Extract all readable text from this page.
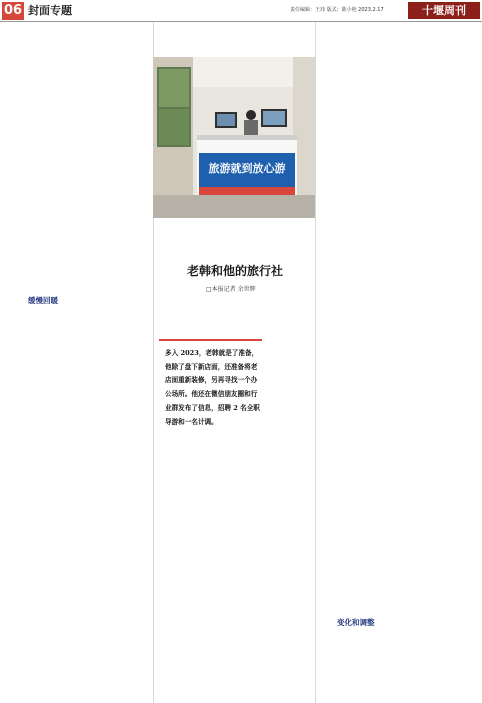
06 封面专题	责任编辑：王玮 版式：陈小艳 2023.2.17	十堰周刊
旅游就到放心游
老韩和他的旅行社
□本报记者 余世辉
缓慢回暖
变化和调整
多入 2023，老韩就是了准备，他除了盘下新店面，还准备将老店面重新装修，另再寻找一个办公场所。他还在微信朋友圈和行业群发布了信息，招聘 2 名全职导游和一名计调。
